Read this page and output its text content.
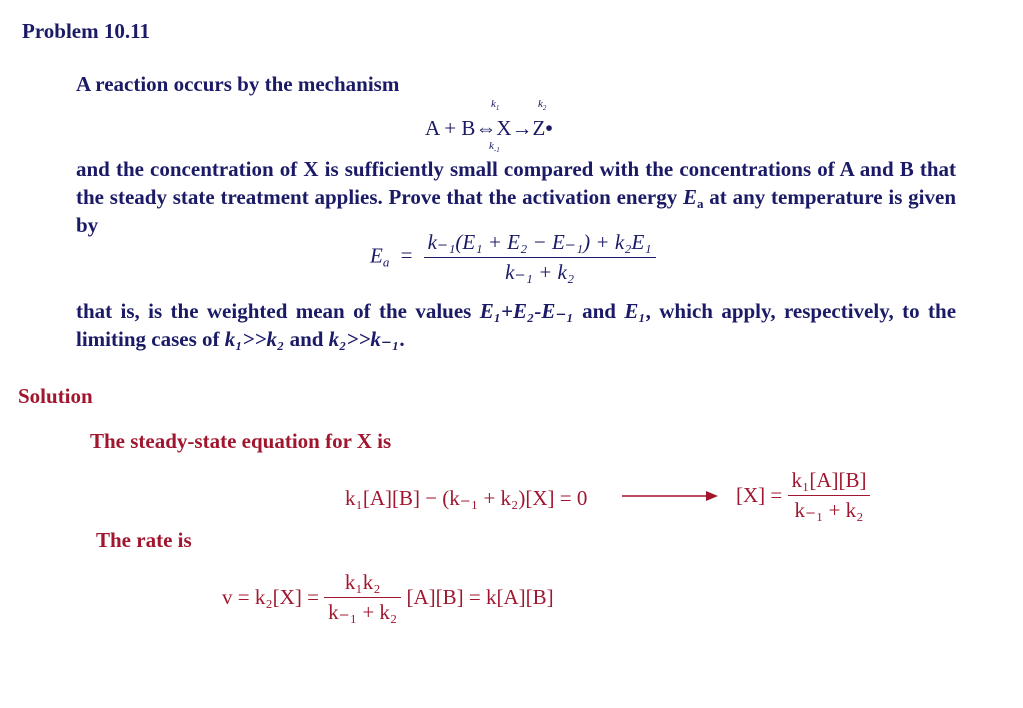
Problem 10.11
A reaction occurs by the mechanism
$k_1$	$k_2$
A + B⇔X→Z•
$k_{-1}$
and the concentration of X is sufficiently small compared with the concentrations of A and B that the steady state treatment applies. Prove that the activation energy $E_a$ at any temperature is given by
$E_a = \frac{\text{k₋₁(E₁ + E₂ − E₋₁) + k₂E₁}}{\text{k₋₁ + k₂}}$
that is, is the weighted mean of the values E₁+E₂-E₋₁ and E₁, which apply, respectively, to the limiting cases of k₁>>k₂ and k₂>>k₋₁.
Solution
The steady-state equation for X is
k₁[A][B] − (k₋₁ + k₂)[X] = 0	$[X] = \frac{\text{k₁[A][B]}}{\text{k₋₁ + k₂}}$
The rate is
$v = k_2[X] = \frac{\text{k₁k₂}}{\text{k₋₁ + k₂}} [A][B] = k[A][B]$
